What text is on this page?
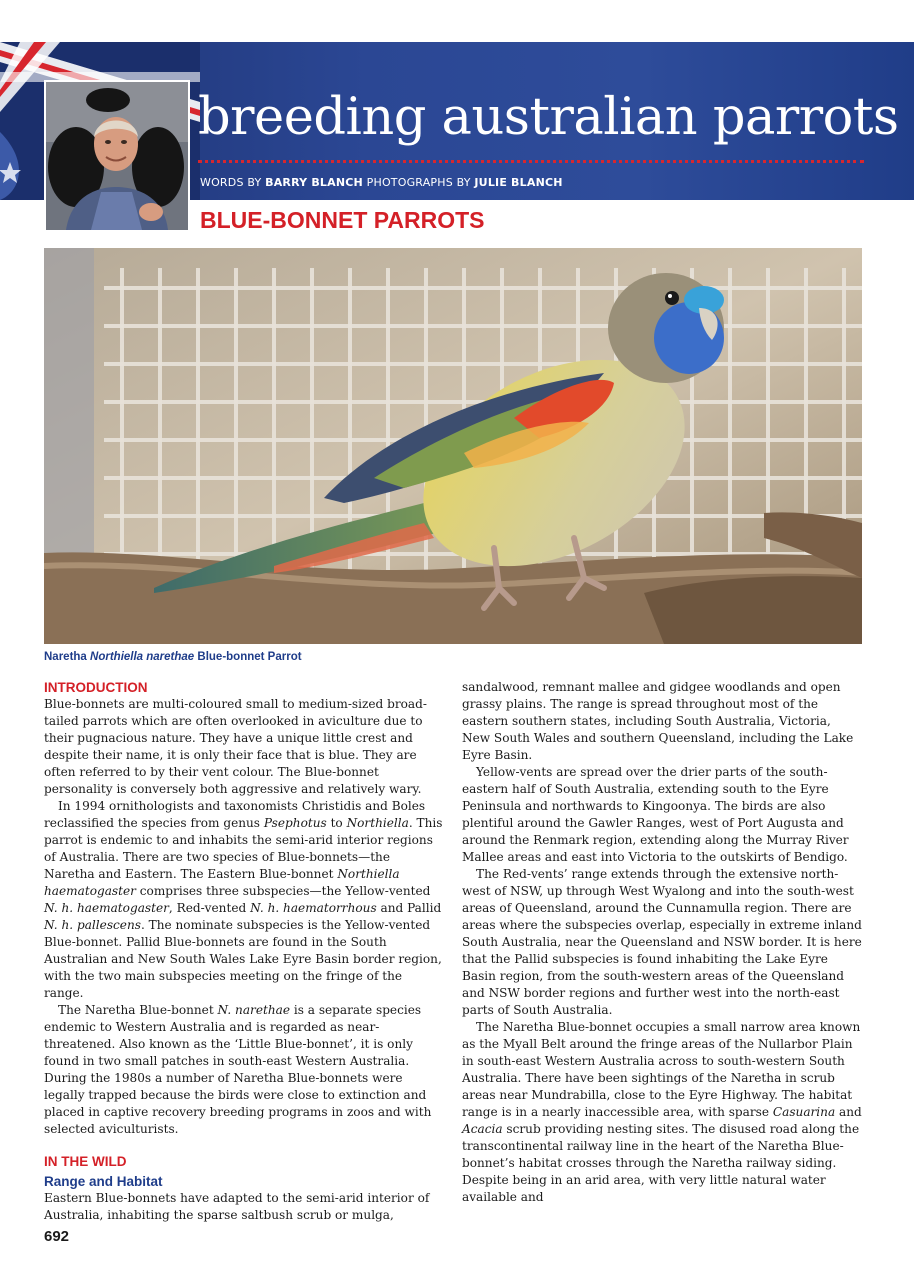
breeding australian parrots
WORDS BY BARRY BLANCH PHOTOGRAPHS BY JULIE BLANCH
BLUE-BONNET PARROTS
Naretha Northiella narethae Blue-bonnet Parrot
INTRODUCTION

Blue-bonnets are multi-coloured small to medium-sized broad-tailed parrots which are often overlooked in aviculture due to their pugnacious nature. They have a unique little crest and despite their name, it is only their face that is blue. They are often referred to by their vent colour. The Blue-bonnet personality is conversely both aggressive and relatively wary.

In 1994 ornithologists and taxonomists Christidis and Boles reclassified the species from genus Psephotus to Northiella. This parrot is endemic to and inhabits the semi-arid interior regions of Australia. There are two species of Blue-bonnets—the Naretha and Eastern. The Eastern Blue-bonnet Northiella haematogaster comprises three subspecies—the Yellow-vented N. h. haematogaster, Red-vented N. h. haematorrhous and Pallid N. h. pallescens. The nominate subspecies is the Yellow-vented Blue-bonnet. Pallid Blue-bonnets are found in the South Australian and New South Wales Lake Eyre Basin border region, with the two main subspecies meeting on the fringe of the range.

The Naretha Blue-bonnet N. narethae is a separate species endemic to Western Australia and is regarded as near-threatened. Also known as the ‘Little Blue-bonnet’, it is only found in two small patches in south-east Western Australia. During the 1980s a number of Naretha Blue-bonnets were legally trapped because the birds were close to extinction and placed in captive recovery breeding programs in zoos and with selected aviculturists.

IN THE WILD
Range and Habitat

Eastern Blue-bonnets have adapted to the semi-arid interior of Australia, inhabiting the sparse saltbush scrub or mulga,

sandalwood, remnant mallee and gidgee woodlands and open grassy plains. The range is spread throughout most of the eastern southern states, including South Australia, Victoria, New South Wales and southern Queensland, including the Lake Eyre Basin.

Yellow-vents are spread over the drier parts of the south-eastern half of South Australia, extending south to the Eyre Peninsula and northwards to Kingoonya. The birds are also plentiful around the Gawler Ranges, west of Port Augusta and around the Renmark region, extending along the Murray River Mallee areas and east into Victoria to the outskirts of Bendigo.

The Red-vents’ range extends through the extensive north-west of NSW, up through West Wyalong and into the south-west areas of Queensland, around the Cunnamulla region. There are areas where the subspecies overlap, especially in extreme inland South Australia, near the Queensland and NSW border. It is here that the Pallid subspecies is found inhabiting the Lake Eyre Basin region, from the south-western areas of the Queensland and NSW border regions and further west into the north-east parts of South Australia.

The Naretha Blue-bonnet occupies a small narrow area known as the Myall Belt around the fringe areas of the Nullarbor Plain in south-east Western Australia across to south-western South Australia. There have been sightings of the Naretha in scrub areas near Mundrabilla, close to the Eyre Highway. The habitat range is in a nearly inaccessible area, with sparse Casuarina and Acacia scrub providing nesting sites. The disused road along the transcontinental railway line in the heart of the Naretha Blue-bonnet’s habitat crosses through the Naretha railway siding. Despite being in an arid area, with very little natural water available and

692
